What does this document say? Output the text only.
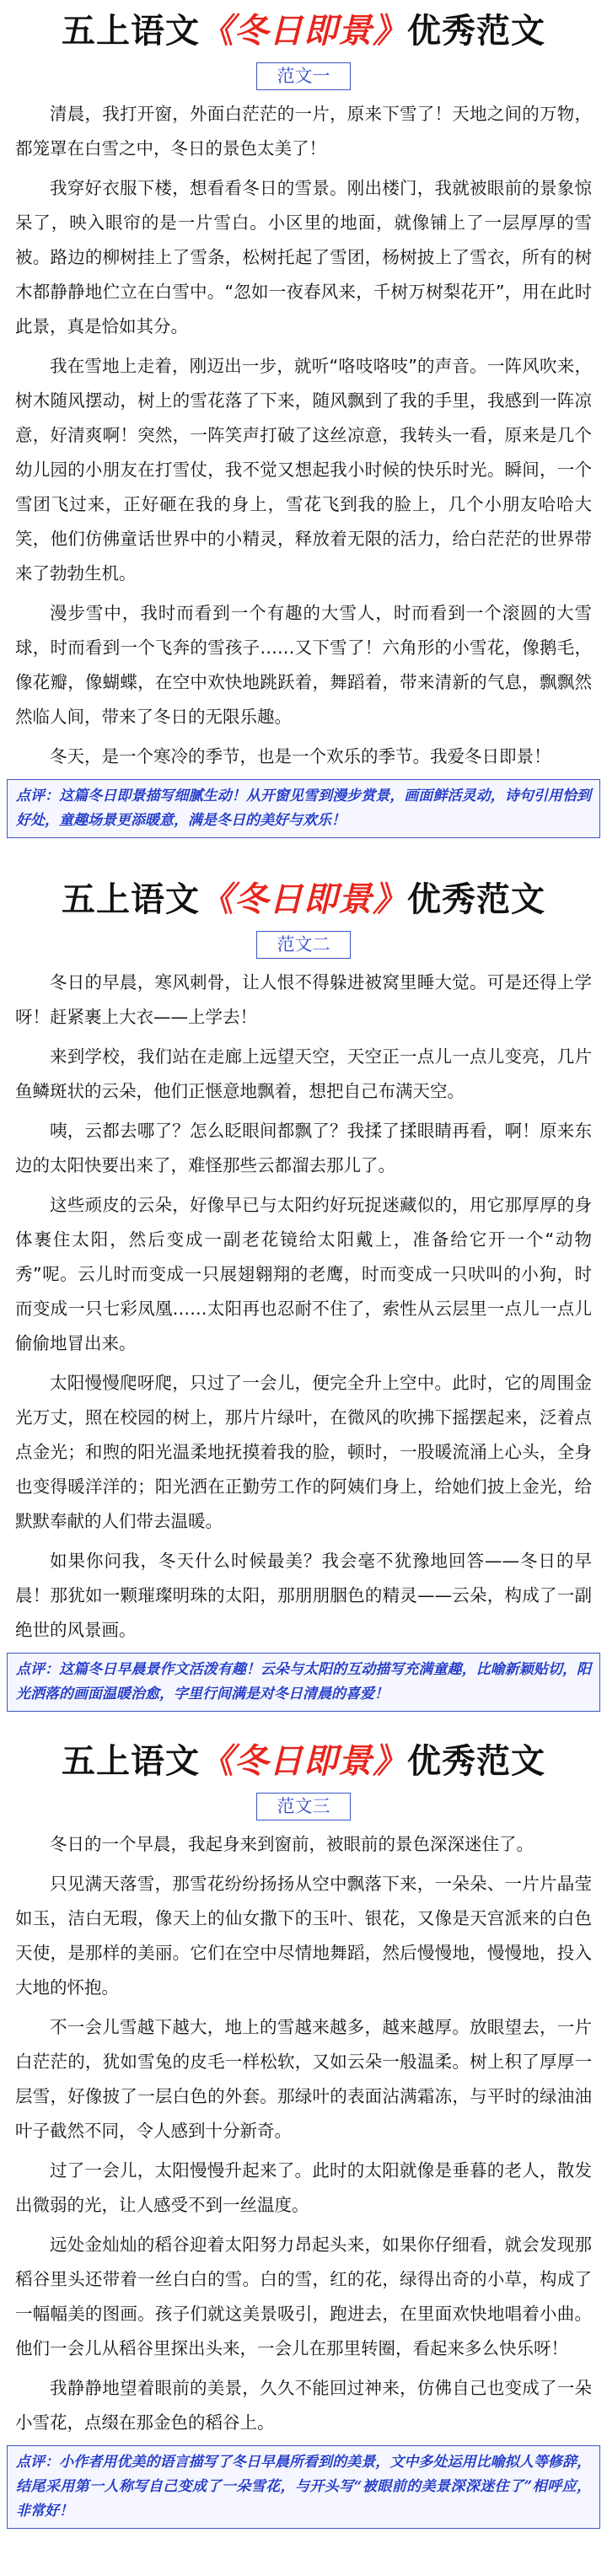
五上语文《冬日即景》优秀范文
范文一

清晨，我打开窗，外面白茫茫的一片，原来下雪了！天地之间的万物，都笼罩在白雪之中，冬日的景色太美了！

我穿好衣服下楼，想看看冬日的雪景。刚出楼门，我就被眼前的景象惊呆了，映入眼帘的是一片雪白。小区里的地面，就像铺上了一层厚厚的雪被。路边的柳树挂上了雪条，松树托起了雪团，杨树披上了雪衣，所有的树木都静静地伫立在白雪中。“忽如一夜春风来，千树万树梨花开”，用在此时此景，真是恰如其分。

我在雪地上走着，刚迈出一步，就听“咯吱咯吱”的声音。一阵风吹来，树木随风摆动，树上的雪花落了下来，随风飘到了我的手里，我感到一阵凉意，好清爽啊！突然，一阵笑声打破了这丝凉意，我转头一看，原来是几个幼儿园的小朋友在打雪仗，我不觉又想起我小时候的快乐时光。瞬间，一个雪团飞过来，正好砸在我的身上，雪花飞到我的脸上，几个小朋友哈哈大笑，他们仿佛童话世界中的小精灵，释放着无限的活力，给白茫茫的世界带来了勃勃生机。

漫步雪中，我时而看到一个有趣的大雪人，时而看到一个滚圆的大雪球，时而看到一个飞奔的雪孩子……又下雪了！六角形的小雪花，像鹅毛，像花瓣，像蝴蝶，在空中欢快地跳跃着，舞蹈着，带来清新的气息，飘飘然然临人间，带来了冬日的无限乐趣。

冬天，是一个寒冷的季节，也是一个欢乐的季节。我爱冬日即景！

点评：这篇冬日即景描写细腻生动！从开窗见雪到漫步赏景，画面鲜活灵动，诗句引用恰到好处，童趣场景更添暖意，满是冬日的美好与欢乐！
五上语文《冬日即景》优秀范文
范文二

冬日的早晨，寒风刺骨，让人恨不得躲进被窝里睡大觉。可是还得上学呀！赶紧裹上大衣——上学去！

来到学校，我们站在走廊上远望天空，天空正一点儿一点儿变亮，几片鱼鳞斑状的云朵，他们正惬意地飘着，想把自己布满天空。

咦，云都去哪了？怎么眨眼间都飘了？我揉了揉眼睛再看，啊！原来东边的太阳快要出来了，难怪那些云都溜去那儿了。

这些顽皮的云朵，好像早已与太阳约好玩捉迷藏似的，用它那厚厚的身体裹住太阳，然后变成一副老花镜给太阳戴上，准备给它开一个“动物秀”呢。云儿时而变成一只展翅翱翔的老鹰，时而变成一只吠叫的小狗，时而变成一只七彩凤凰……太阳再也忍耐不住了，索性从云层里一点儿一点儿偷偷地冒出来。

太阳慢慢爬呀爬，只过了一会儿，便完全升上空中。此时，它的周围金光万丈，照在校园的树上，那片片绿叶，在微风的吹拂下摇摆起来，泛着点点金光；和煦的阳光温柔地抚摸着我的脸，顿时，一股暖流涌上心头，全身也变得暖洋洋的；阳光洒在正勤劳工作的阿姨们身上，给她们披上金光，给默默奉献的人们带去温暖。

如果你问我，冬天什么时候最美？我会毫不犹豫地回答——冬日的早晨！那犹如一颗璀璨明珠的太阳，那朋朋胭色的精灵——云朵，构成了一副绝世的风景画。

点评：这篇冬日早晨景作文活泼有趣！云朵与太阳的互动描写充满童趣，比喻新颖贴切，阳光洒落的画面温暖治愈，字里行间满是对冬日清晨的喜爱！
五上语文《冬日即景》优秀范文
范文三

冬日的一个早晨，我起身来到窗前，被眼前的景色深深迷住了。

只见满天落雪，那雪花纷纷扬扬从空中飘落下来，一朵朵、一片片晶莹如玉，洁白无瑕，像天上的仙女撒下的玉叶、银花，又像是天宫派来的白色天使，是那样的美丽。它们在空中尽情地舞蹈，然后慢慢地，慢慢地，投入大地的怀抱。

不一会儿雪越下越大，地上的雪越来越多，越来越厚。放眼望去，一片白茫茫的，犹如雪兔的皮毛一样松软，又如云朵一般温柔。树上积了厚厚一层雪，好像披了一层白色的外套。那绿叶的表面沾满霜冻，与平时的绿油油叶子截然不同，令人感到十分新奇。

过了一会儿，太阳慢慢升起来了。此时的太阳就像是垂暮的老人，散发出微弱的光，让人感受不到一丝温度。

远处金灿灿的稻谷迎着太阳努力昂起头来，如果你仔细看，就会发现那稻谷里头还带着一丝白白的雪。白的雪，红的花，绿得出奇的小草，构成了一幅幅美的图画。孩子们就这美景吸引，跑进去，在里面欢快地唱着小曲。他们一会儿从稻谷里探出头来，一会儿在那里转圈，看起来多么快乐呀！

我静静地望着眼前的美景，久久不能回过神来，仿佛自己也变成了一朵小雪花，点缀在那金色的稻谷上。

点评：小作者用优美的语言描写了冬日早晨所看到的美景，文中多处运用比喻拟人等修辞，结尾采用第一人称写自己变成了一朵雪花，与开头写“被眼前的美景深深迷住了”相呼应，非常好！
